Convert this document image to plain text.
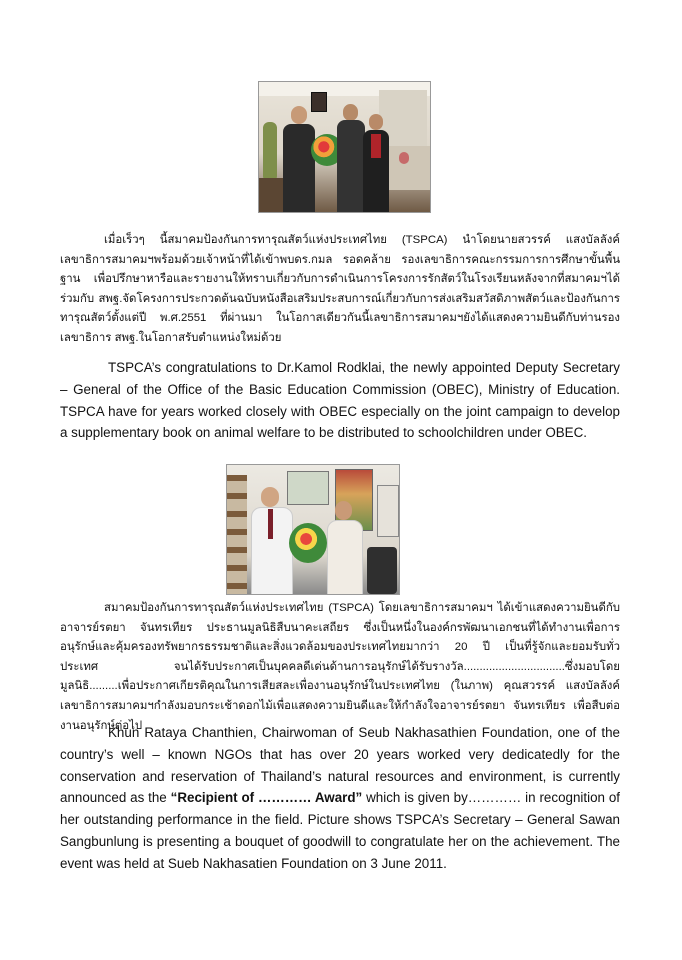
เมื่อเร็วๆ นี้สมาคมป้องกันการทารุณสัตว์แห่งประเทศไทย (TSPCA) นำโดยนายสวรรค์ แสงบัลลังค์ เลขาธิการสมาคมฯพร้อมด้วยเจ้าหน้าที่ได้เข้าพบดร.กมล รอดคล้าย รองเลขาธิการคณะกรรมการการศึกษาขั้นพื้นฐาน เพื่อปรึกษาหารือและรายงานให้ทราบเกี่ยวกับการดำเนินการโครงการรักสัตว์ในโรงเรียนหลังจากที่สมาคมฯได้ร่วมกับ สพฐ.จัดโครงการประกวดต้นฉบับหนังสือเสริมประสบการณ์เกี่ยวกับการส่งเสริมสวัสดิภาพสัตว์และป้องกันการทารุณสัตว์ตั้งแต่ปี พ.ศ.2551 ที่ผ่านมา ในโอกาสเดียวกันนี้เลขาธิการสมาคมฯยังได้แสดงความยินดีกับท่านรองเลขาธิการ สพฐ.ในโอกาสรับตำแหน่งใหม่ด้วย

TSPCA’s congratulations to Dr.Kamol Rodklai, the newly appointed Deputy Secretary – General of the Office of the Basic Education Commission (OBEC), Ministry of Education. TSPCA have for years worked closely with OBEC especially on the joint campaign to develop a supplementary book on animal welfare to be distributed to schoolchildren under OBEC.

สมาคมป้องกันการทารุณสัตว์แห่งประเทศไทย (TSPCA) โดยเลขาธิการสมาคมฯ ได้เข้าแสดงความยินดีกับอาจารย์รตยา จันทรเทียร ประธานมูลนิธิสืบนาคะเสถียร ซึ่งเป็นหนึ่งในองค์กรพัฒนาเอกชนที่ได้ทำงานเพื่อการอนุรักษ์และคุ้มครองทรัพยากรธรรมชาติและสิ่งแวดล้อมของประเทศไทยมากว่า 20 ปี เป็นที่รู้จักและยอมรับทั่วประเทศ จนได้รับประกาศเป็นบุคคลดีเด่นด้านการอนุรักษ์ได้รับรางวัล................................ซึ่งมอบโดยมูลนิธิ.........เพื่อประกาศเกียรติคุณในการเสียสละเพื่องานอนุรักษ์ในประเทศไทย (ในภาพ) คุณสวรรค์ แสงบัลลังค์ เลขาธิการสมาคมฯกำลังมอบกระเช้าดอกไม้เพื่อแสดงความยินดีและให้กำลังใจอาจารย์รตยา จันทรเทียร เพื่อสืบต่องานอนุรักษ์ต่อไป

Khun Rataya Chanthien, Chairwoman of Seub Nakhasathien Foundation, one of the country’s well – known NGOs that has over 20 years worked very dedicatedly for the conservation and reservation of Thailand’s natural resources and environment, is currently announced as the “Recipient of ………… Award” which is given by………… in recognition of her outstanding performance in the field. Picture shows TSPCA’s Secretary – General Sawan Sangbunlung is presenting a bouquet of goodwill to congratulate her on the achievement. The event was held at Sueb Nakhasatien Foundation on 3 June 2011.
